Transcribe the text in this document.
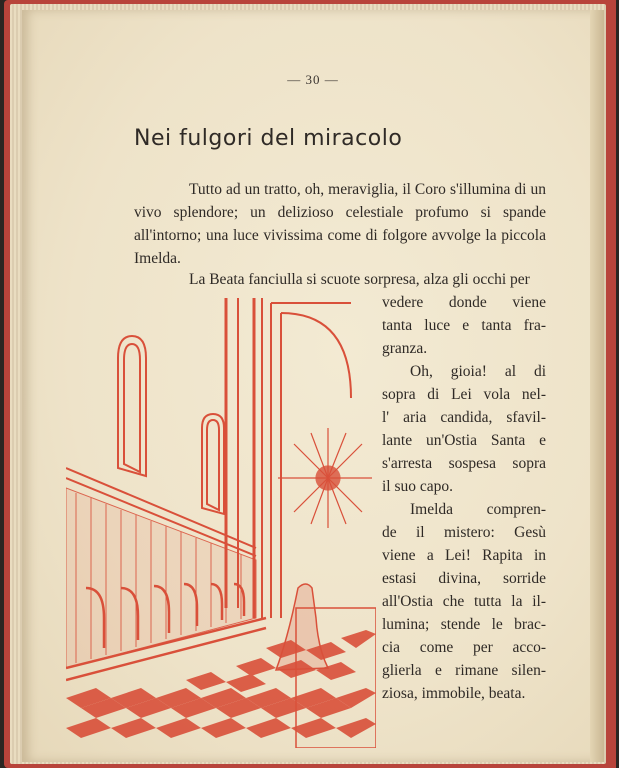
— 30 —
Nei fulgori del miracolo
Tutto ad un tratto, oh, meraviglia, il Coro s'illumina di un vivo splendore; un delizioso celestiale profumo si spande all'intorno; una luce vivissima come di folgore avvolge la piccola Imelda.
La Beata fanciulla si scuote sorpresa, alza gli occhi per
vedere donde viene
tanta luce e tanta fra-
granza.
Oh, gioia! al di
sopra di Lei vola nel-
l' aria candida, sfavil-
lante un'Ostia Santa e
s'arresta sospesa sopra
il suo capo.
Imelda compren-
de il mistero: Gesù
viene a Lei! Rapita in
estasi divina, sorride
all'Ostia che tutta la il-
lumina; stende le brac-
cia come per acco-
glierla e rimane silen-
ziosa, immobile, beata.
